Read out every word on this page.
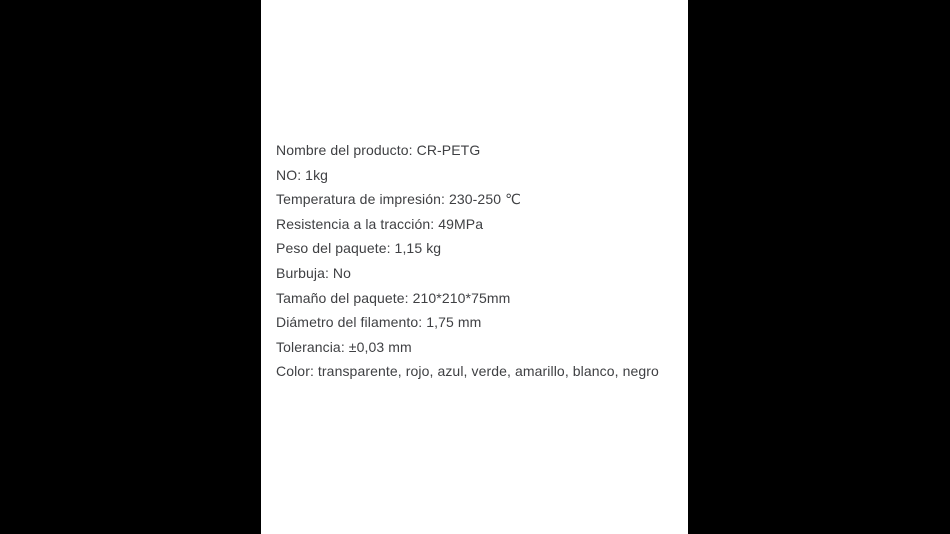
Nombre del producto: CR-PETG

NO: 1kg

Temperatura de impresión: 230-250 ℃

Resistencia a la tracción: 49MPa

Peso del paquete: 1,15 kg

Burbuja: No

Tamaño del paquete: 210*210*75mm

Diámetro del filamento: 1,75 mm

Tolerancia: ±0,03 mm

Color: transparente, rojo, azul, verde, amarillo, blanco, negro
